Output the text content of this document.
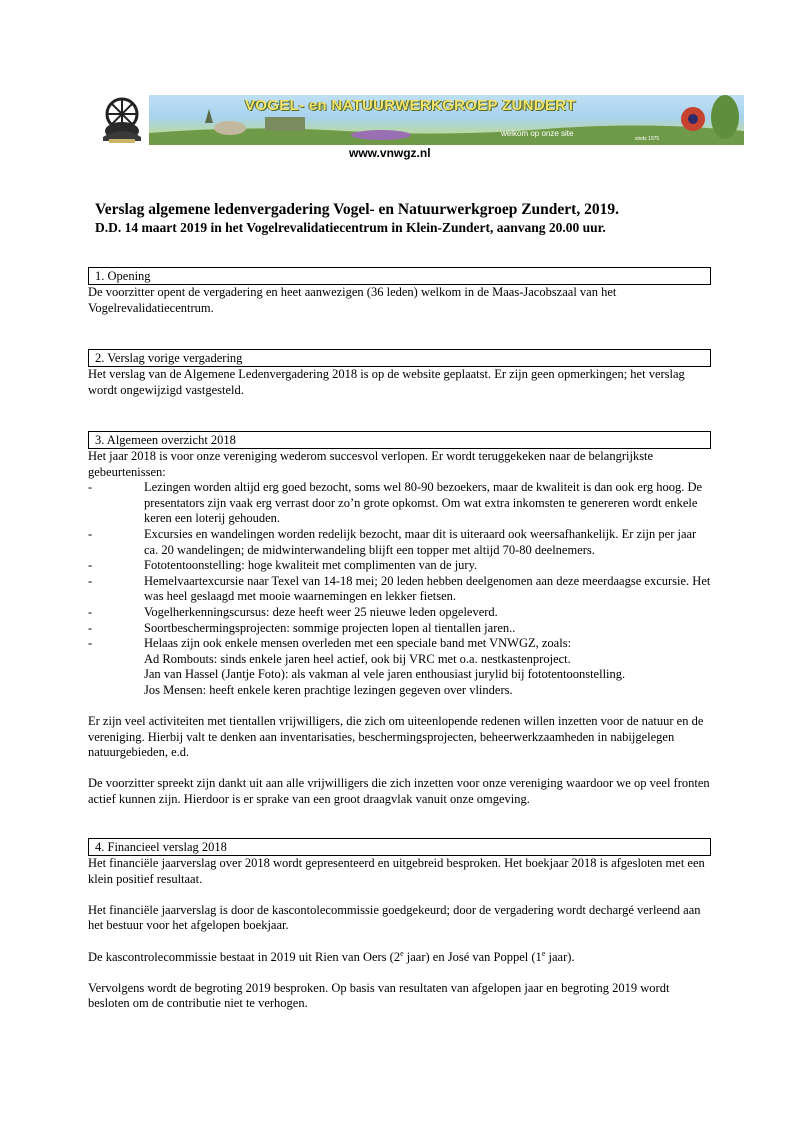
VOGEL- en NATUURWERKGROEP ZUNDERT
welkom op onze site
sinds 1975
www.vnwgz.nl
Verslag algemene ledenvergadering Vogel- en Natuurwerkgroep Zundert, 2019.
D.D. 14 maart 2019 in het Vogelrevalidatiecentrum in Klein-Zundert, aanvang 20.00 uur.
1. Opening

De voorzitter opent de vergadering en heet aanwezigen (36 leden) welkom in de Maas-Jacobszaal van het Vogelrevalidatiecentrum.

2. Verslag vorige vergadering

Het verslag van de Algemene Ledenvergadering 2018 is op de website geplaatst. Er zijn geen opmerkingen; het verslag wordt ongewijzigd vastgesteld.

3. Algemeen overzicht 2018

Het jaar 2018 is voor onze vereniging wederom succesvol verlopen. Er wordt teruggekeken naar de belangrijkste gebeurtenissen:

-	Lezingen worden altijd erg goed bezocht, soms wel 80-90 bezoekers, maar de kwaliteit is dan ook erg hoog. De presentators zijn vaak erg verrast door zo’n grote opkomst. Om wat extra inkomsten te genereren wordt enkele keren een loterij gehouden.
-	Excursies en wandelingen worden redelijk bezocht, maar dit is uiteraard ook weersafhankelijk. Er zijn per jaar ca. 20 wandelingen; de midwinterwandeling blijft een topper met altijd 70-80 deelnemers.
-	Fototentoonstelling: hoge kwaliteit met complimenten van de jury.
-	Hemelvaartexcursie naar Texel van 14-18 mei; 20 leden hebben deelgenomen aan deze meerdaagse excursie. Het was heel geslaagd met mooie waarnemingen en lekker fietsen.
-	Vogelherkenningscursus: deze heeft weer 25 nieuwe leden opgeleverd.
-	Soortbeschermingsprojecten: sommige projecten lopen al tientallen jaren..
-	Helaas zijn ook enkele mensen overleden met een speciale band met VNWGZ, zoals:

Ad Rombouts: sinds enkele jaren heel actief, ook bij VRC met o.a. nestkastenproject.

Jan van Hassel (Jantje Foto): als vakman al vele jaren enthousiast jurylid bij fototentoonstelling.

Jos Mensen: heeft enkele keren prachtige lezingen gegeven over vlinders.

Er zijn veel activiteiten met tientallen vrijwilligers, die zich om uiteenlopende redenen willen inzetten voor de natuur en de vereniging. Hierbij valt te denken aan inventarisaties, beschermingsprojecten, beheerwerkzaamheden in nabijgelegen natuurgebieden, e.d.

De voorzitter spreekt zijn dankt uit aan alle vrijwilligers die zich inzetten voor onze vereniging waardoor we op veel fronten actief kunnen zijn. Hierdoor is er sprake van een groot draagvlak vanuit onze omgeving.

4. Financieel verslag 2018

Het financiële jaarverslag over 2018 wordt gepresenteerd en uitgebreid besproken. Het boekjaar 2018 is afgesloten met een klein positief resultaat.

Het financiële jaarverslag is door de kascontolecommissie goedgekeurd; door de vergadering wordt dechargé verleend aan het bestuur voor het afgelopen boekjaar.

De kascontrolecommissie bestaat in 2019 uit Rien van Oers (2e jaar) en José van Poppel (1e jaar).

Vervolgens wordt de begroting 2019 besproken. Op basis van resultaten van afgelopen jaar en begroting 2019 wordt besloten om de contributie niet te verhogen.
